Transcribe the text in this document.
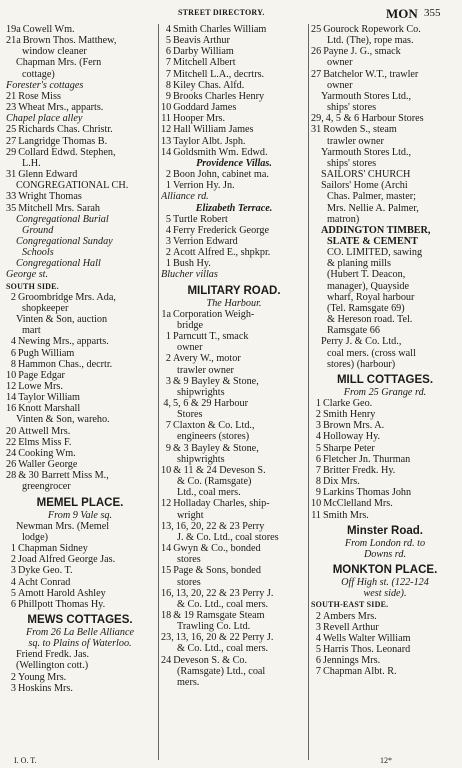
STREET DIRECTORY.	MON 355
19a Cowell Wm.
21a Brown Thos. Matthew,
window cleaner
Chapman Mrs. (Fern
cottage)
Forester's cottages
21 Rose Miss
23 Wheat Mrs., apparts.
Chapel place alley
25 Richards Chas. Christr.
27 Langridge Thomas B.
29 Collard Edwd. Stephen,
L.H.
31 Glenn Edward
CONGREGATIONAL CH.
33 Wright Thomas
35 Mitchell Mrs. Sarah
Congregational Burial
Ground
Congregational Sunday
Schools
Congregational Hall
George st.
SOUTH SIDE.
2 Groombridge Mrs. Ada,
shopkeeper
Vinten & Son, auction
mart
4 Newing Mrs., apparts.
6 Pugh William
8 Hammon Chas., decrtr.
10 Page Edgar
12 Lowe Mrs.
14 Taylor William
16 Knott Marshall
Vinten & Son, wareho.
20 Attwell Mrs.
22 Elms Miss F.
24 Cooking Wm.
26 Waller George
28 & 30 Barrett Miss M.,
greengrocer
MEMEL PLACE.
From 9 Vale sq.
Newman Mrs. (Memel
lodge)
1 Chapman Sidney
2 Joad Alfred George Jas.
3 Dyke Geo. T.
4 Acht Conrad
5 Amott Harold Ashley
6 Phillpott Thomas Hy.
MEWS COTTAGES.
From 26 La Belle Alliance
sq. to Plains of Waterloo.
Friend Fredk. Jas.
(Wellington cott.)
2 Young Mrs.
3 Hoskins Mrs.
4 Smith Charles William
5 Beavis Arthur
6 Darby William
7 Mitchell Albert
7 Mitchell L.A., decrtrs.
8 Kiley Chas. Alfd.
9 Brooks Charles Henry
10 Goddard James
11 Hooper Mrs.
12 Hall William James
13 Taylor Albt. Jsph.
14 Goldsmith Wm. Edwd.
Providence Villas.
2 Boon John, cabinet ma.
1 Verrion Hy. Jn.
Alliance rd.
Elizabeth Terrace.
5 Turtle Robert
4 Ferry Frederick George
3 Verrion Edward
2 Acott Alfred E., shpkpr.
1 Bush Hy.
Blucher villas
MILITARY ROAD.
The Harbour.
1a Corporation Weigh-
bridge
1 Parncutt T., smack
owner
2 Avery W., motor
trawler owner
3 & 9 Bayley & Stone,
shipwrights
4, 5, 6 & 29 Harbour
Stores
7 Claxton & Co. Ltd.,
engineers (stores)
9 & 3 Bayley & Stone,
shipwrights
10 & 11 & 24 Deveson S.
& Co. (Ramsgate)
Ltd., coal mers.
12 Holladay Charles, ship-
wright
13, 16, 20, 22 & 23 Perry
J. & Co. Ltd., coal stores
14 Gwyn & Co., bonded
stores
15 Page & Sons, bonded
stores
16, 13, 20, 22 & 23 Perry J.
& Co. Ltd., coal mers.
18 & 19 Ramsgate Steam
Trawling Co. Ltd.
23, 13, 16, 20 & 22 Perry J.
& Co. Ltd., coal mers.
24 Deveson S. & Co.
(Ramsgate) Ltd., coal
mers.
25 Gourock Ropework Co.
Ltd. (The), rope mas.
26 Payne J. G., smack
owner
27 Batchelor W.T., trawler
owner
Yarmouth Stores Ltd.,
ships' stores
29, 4, 5 & 6 Harbour Stores
31 Rowden S., steam
trawler owner
Yarmouth Stores Ltd.,
ships' stores
SAILORS' CHURCH
Sailors' Home (Archi
Chas. Palmer, master;
Mrs. Nellie A. Palmer,
matron)
ADDINGTON TIMBER,
SLATE & CEMENT
CO. LIMITED, sawing
& planing mills
(Hubert T. Deacon,
manager), Quayside
wharf, Royal harbour
(Tel. Ramsgate 69)
& Hereson road. Tel.
Ramsgate 66
Perry J. & Co. Ltd.,
coal mers. (cross wall
stores) (harbour)
MILL COTTAGES.
From 25 Grange rd.
1 Clarke Geo.
2 Smith Henry
3 Brown Mrs. A.
4 Holloway Hy.
5 Sharpe Peter
6 Fletcher Jn. Thurman
7 Britter Fredk. Hy.
8 Dix Mrs.
9 Larkins Thomas John
10 McClelland Mrs.
11 Smith Mrs.
Minster Road.
From London rd. to
Downs rd.
MONKTON PLACE.
Off High st. (122-124
west side).
SOUTH-EAST SIDE.
2 Ambers Mrs.
3 Revell Arthur
4 Wells Walter William
5 Harris Thos. Leonard
6 Jennings Mrs.
7 Chapman Albt. R.
I. O. T.	12*
